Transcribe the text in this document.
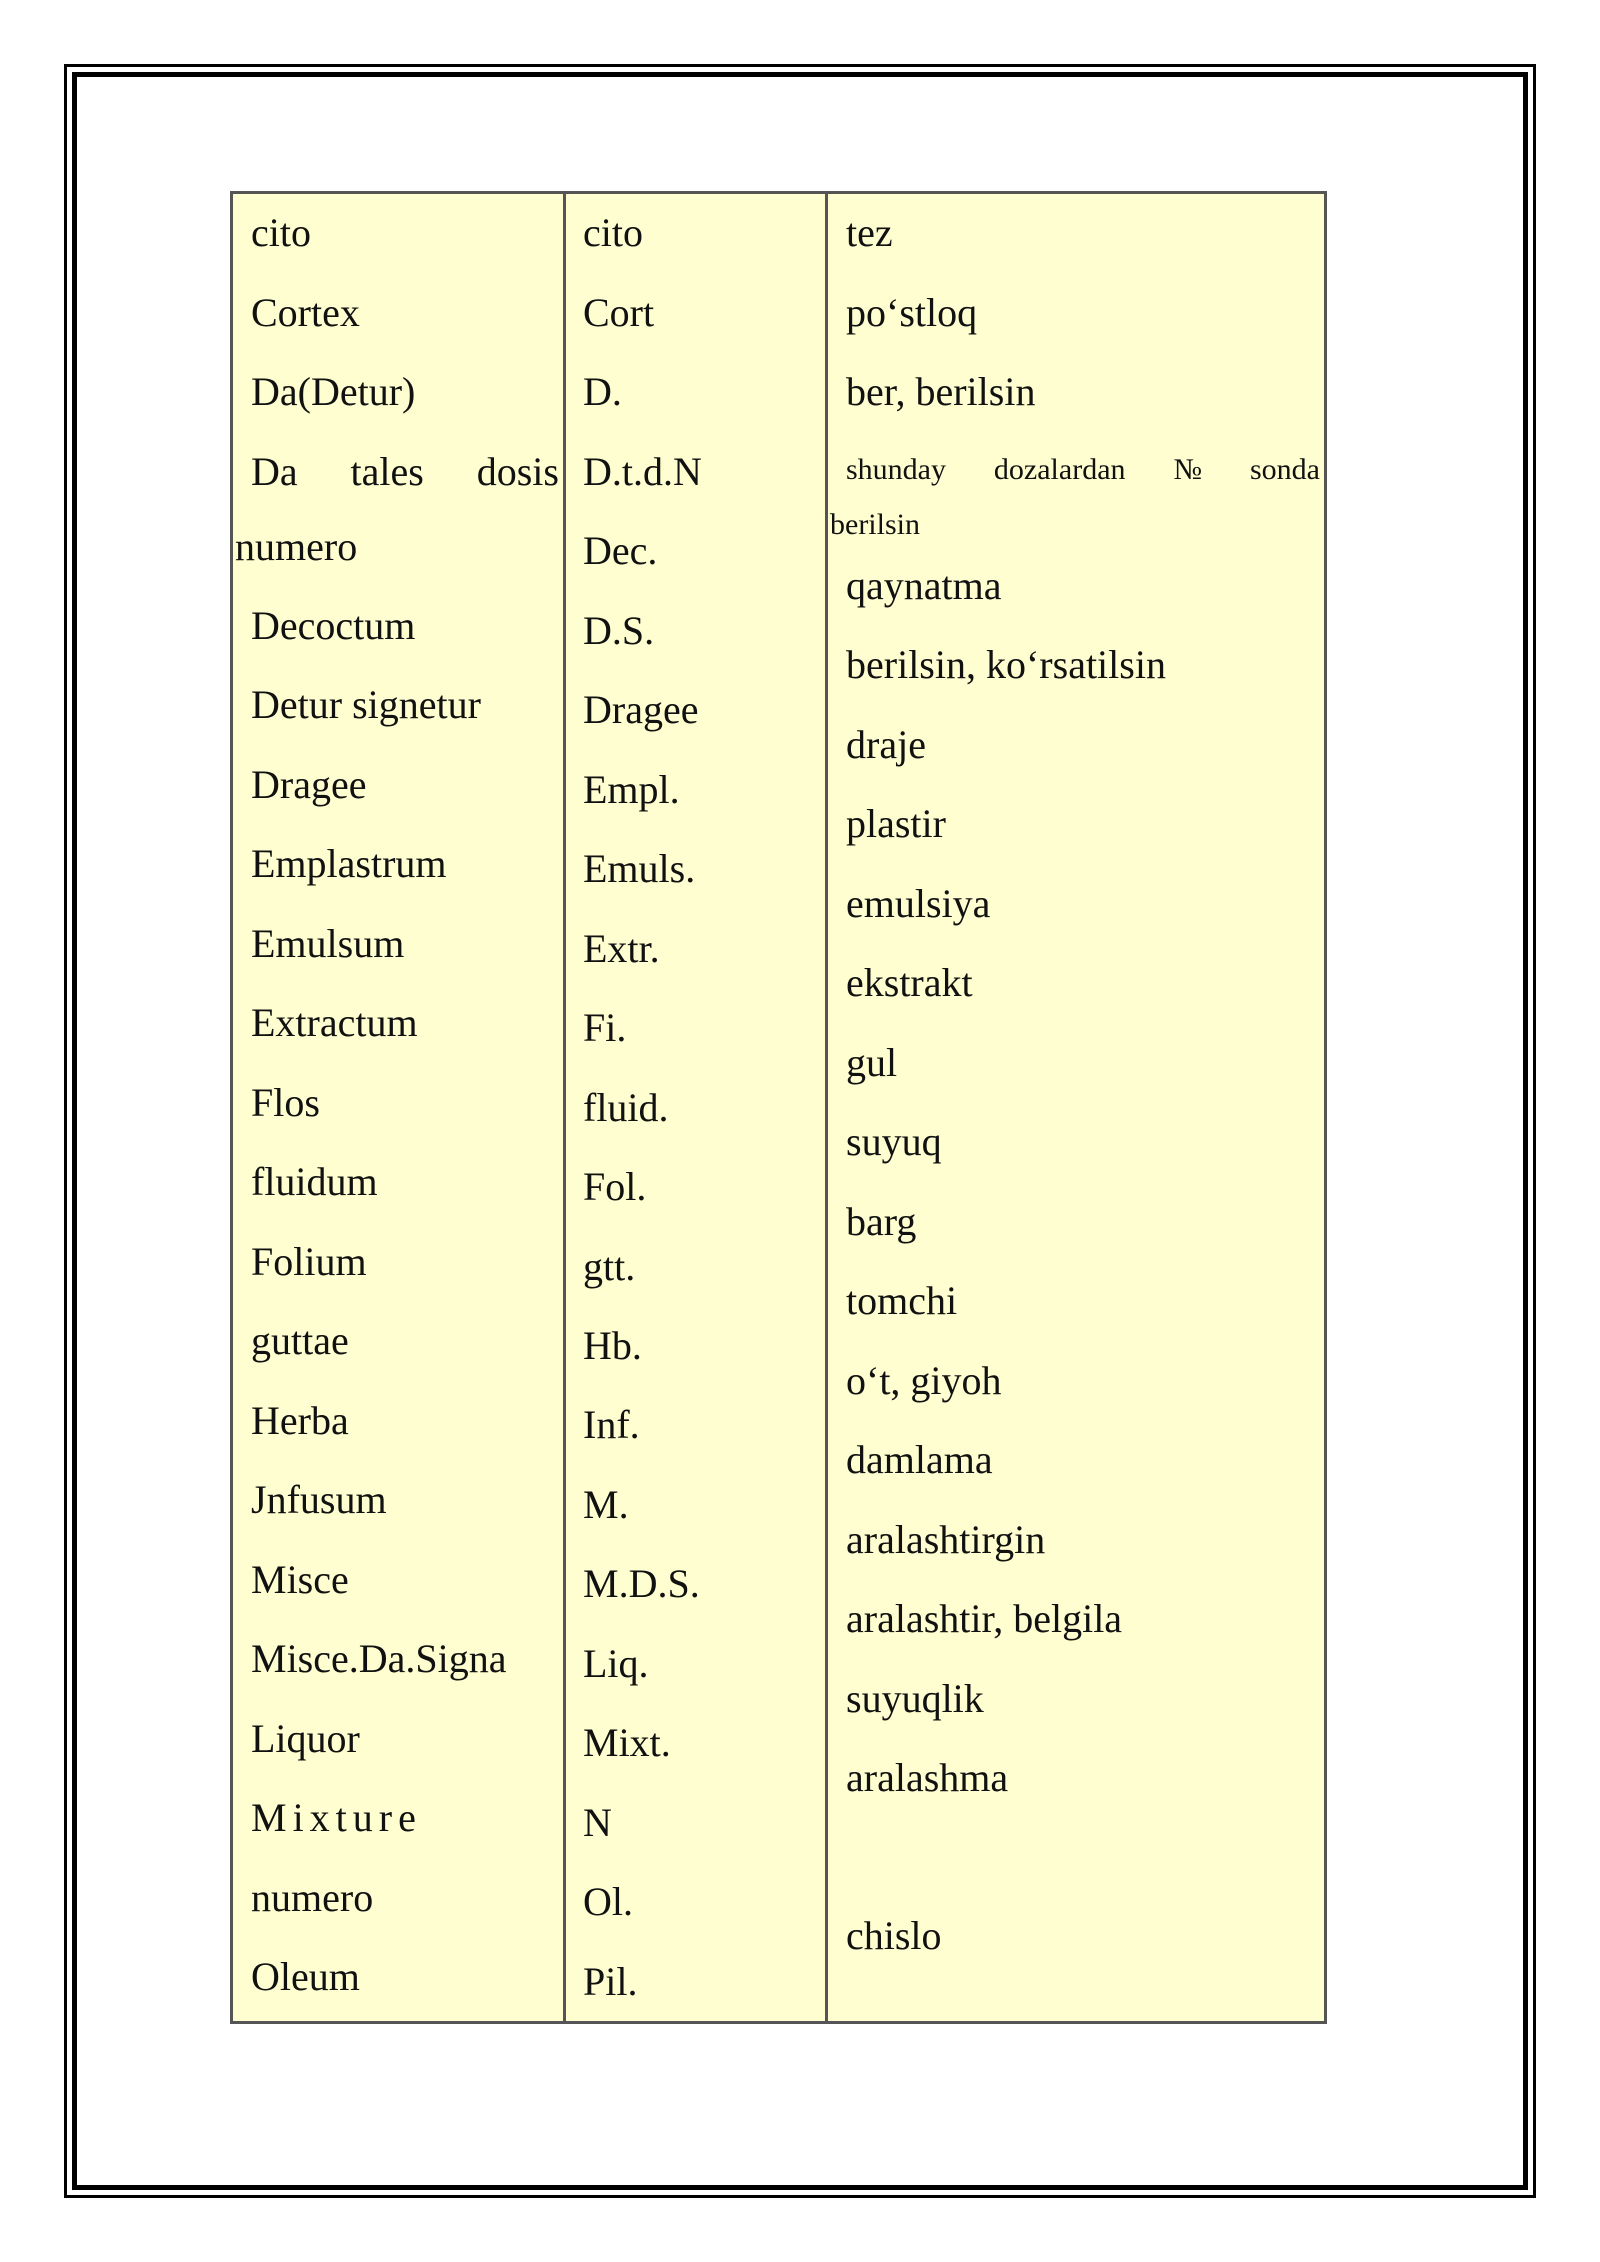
cito
Cortex
Da(Detur)
Da tales dosis
numero
Decoctum
Detur signetur
Dragee
Emplastrum
Emulsum
Extractum
Flos
fluidum
Folium
guttae
Herba
Jnfusum
Misce
Misce.Da.Signa
Liquor
Mixture
numero
Oleum
cito
Cort
D.
D.t.d.N
Dec.
D.S.
Dragee
Empl.
Emuls.
Extr.
Fi.
fluid.
Fol.
gtt.
Hb.
Inf.
M.
M.D.S.
Liq.
Mixt.
N
Ol.
Pil.
tez
po‘stloq
ber, berilsin
shunday dozalardan № sonda
berilsin
qaynatma
berilsin, ko‘rsatilsin
draje
plastir
emulsiya
ekstrakt
gul
suyuq
barg
tomchi
o‘t, giyoh
damlama
aralashtirgin
aralashtir, belgila
suyuqlik
aralashma
chislo
